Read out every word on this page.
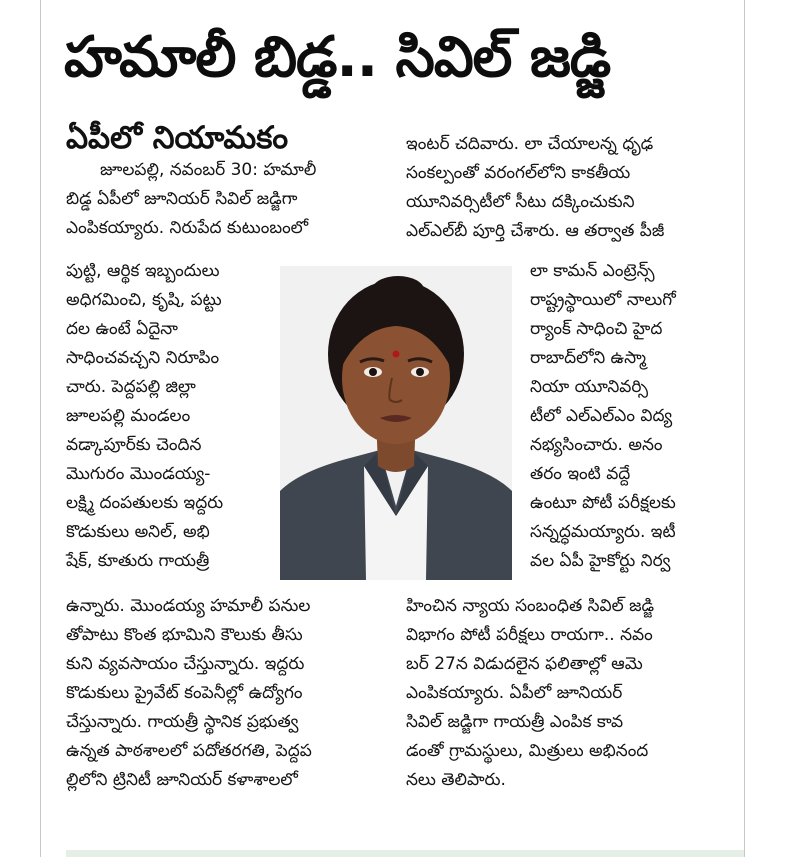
హమాలీ బిడ్డ.. సివిల్ జడ్జి
ఏపీలో నియామకం
జూలపల్లి, నవంబర్ 30: హమాలీ
బిడ్డ ఏపీలో జూనియర్ సివిల్ జడ్జిగా
ఎంపికయ్యారు. నిరుపేద కుటుంబంలో
పుట్టి, ఆర్థిక ఇబ్బందులు
అధిగమించి, కృషి, పట్టు
దల ఉంటే ఏదైనా
సాధించవచ్చని నిరూపిం
చారు. పెద్దపల్లి జిల్లా
జూలపల్లి మండలం
వడ్కాపూర్‌కు చెందిన
మొగురం మొండయ్య-
లక్ష్మి దంపతులకు ఇద్దరు
కొడుకులు అనిల్, అభి
షేక్, కూతురు గాయత్రీ
ఉన్నారు. మొండయ్య హమాలీ పనుల
తోపాటు కొంత భూమిని కౌలుకు తీసు
కుని వ్యవసాయం చేస్తున్నారు. ఇద్దరు
కొడుకులు ప్రైవేట్ కంపెనీల్లో ఉద్యోగం
చేస్తున్నారు. గాయత్రీ స్థానిక ప్రభుత్వ
ఉన్నత పాఠశాలలో పదోతరగతి, పెద్దప
ల్లిలోని ట్రినిటీ జూనియర్ కళాశాలలో
ఇంటర్ చదివారు. లా చేయాలన్న ధృఢ
సంకల్పంతో వరంగల్‌లోని కాకతీయ
యూనివర్సిటీలో సీటు దక్కించుకుని
ఎల్ఎల్‌బీ పూర్తి చేశారు. ఆ తర్వాత పీజీ
లా కామన్ ఎంట్రెన్స్
రాష్ట్రస్థాయిలో నాలుగో
ర్యాంక్ సాధించి హైద
రాబాద్‌లోని ఉస్మా
నియా యూనివర్సి
టీలో ఎల్ఎల్ఎం విద్య
నభ్యసించారు. అనం
తరం ఇంటి వద్దే
ఉంటూ పోటీ పరీక్షలకు
సన్నద్ధమయ్యారు. ఇటీ
వల ఏపీ హైకోర్టు నిర్వ
హించిన న్యాయ సంబంధిత సివిల్ జడ్జి
విభాగం పోటీ పరీక్షలు రాయగా.. నవం
బర్ 27న విడుదలైన ఫలితాల్లో ఆమె
ఎంపికయ్యారు. ఏపీలో జూనియర్
సివిల్ జడ్జిగా గాయత్రీ ఎంపిక కావ
డంతో గ్రామస్థులు, మిత్రులు అభినంద
నలు తెలిపారు.
